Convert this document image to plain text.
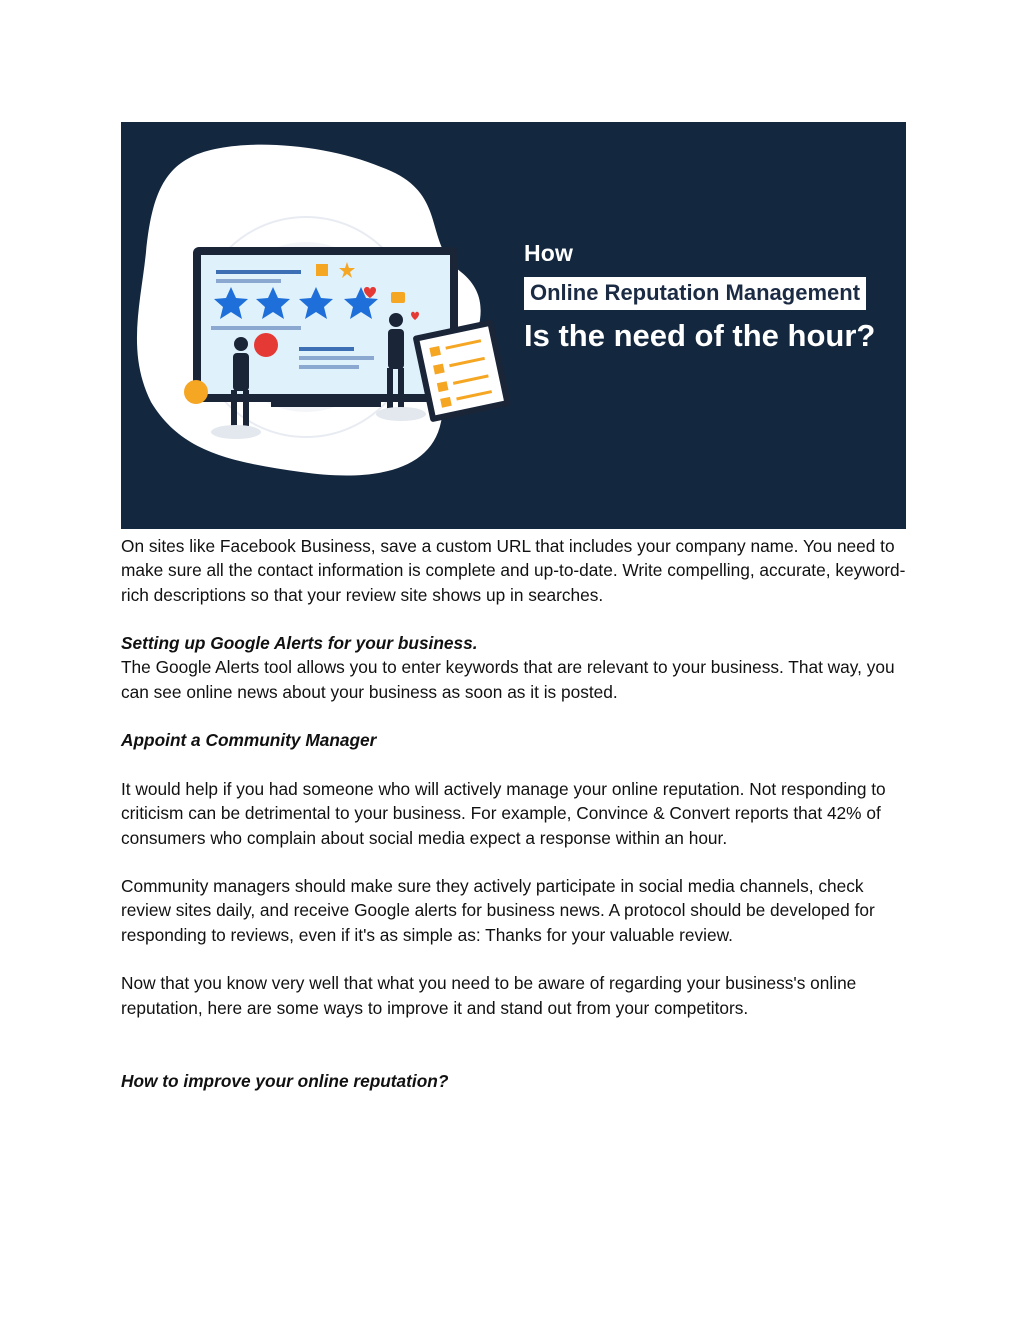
How
Online Reputation Management
Is the need of the hour?

On sites like Facebook Business, save a custom URL that includes your company name. You need to make sure all the contact information is complete and up-to-date. Write compelling, accurate, keyword-rich descriptions so that your review site shows up in searches.

Setting up Google Alerts for your business.

The Google Alerts tool allows you to enter keywords that are relevant to your business. That way, you can see online news about your business as soon as it is posted.

Appoint a Community Manager

It would help if you had someone who will actively manage your online reputation. Not responding to criticism can be detrimental to your business. For example, Convince & Convert reports that 42% of consumers who complain about social media expect a response within an hour.

Community managers should make sure they actively participate in social media channels, check review sites daily, and receive Google alerts for business news. A protocol should be developed for responding to reviews, even if it's as simple as: Thanks for your valuable review.

Now that you know very well that what you need to be aware of regarding your business's online reputation, here are some ways to improve it and stand out from your competitors.

How to improve your online reputation?
